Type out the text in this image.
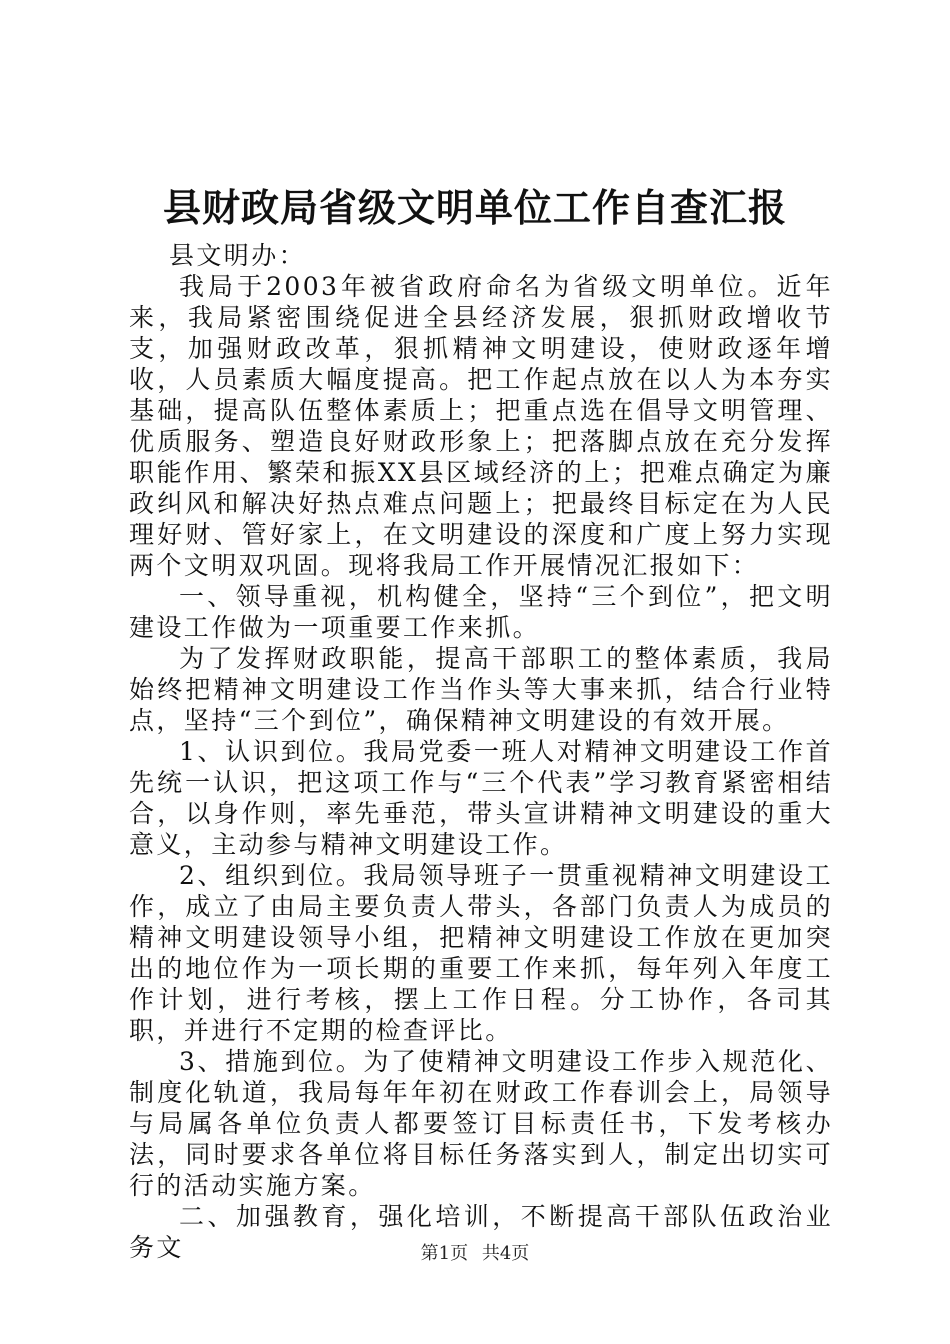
县财政局省级文明单位工作自查汇报

县文明办：

我局于2003年被省政府命名为省级文明单位。近年来，我局紧密围绕促进全县经济发展，狠抓财政增收节支，加强财政改革，狠抓精神文明建设，使财政逐年增收，人员素质大幅度提高。把工作起点放在以人为本夯实基础，提高队伍整体素质上；把重点选在倡导文明管理、优质服务、塑造良好财政形象上；把落脚点放在充分发挥职能作用、繁荣和振XX县区域经济的上；把难点确定为廉政纠风和解决好热点难点问题上；把最终目标定在为人民理好财、管好家上，在文明建设的深度和广度上努力实现两个文明双巩固。现将我局工作开展情况汇报如下：

一、领导重视，机构健全，坚持“三个到位”，把文明建设工作做为一项重要工作来抓。

为了发挥财政职能，提高干部职工的整体素质，我局始终把精神文明建设工作当作头等大事来抓，结合行业特点，坚持“三个到位”，确保精神文明建设的有效开展。

1、认识到位。我局党委一班人对精神文明建设工作首先统一认识，把这项工作与“三个代表”学习教育紧密相结合，以身作则，率先垂范，带头宣讲精神文明建设的重大意义，主动参与精神文明建设工作。

2、组织到位。我局领导班子一贯重视精神文明建设工作，成立了由局主要负责人带头，各部门负责人为成员的精神文明建设领导小组，把精神文明建设工作放在更加突出的地位作为一项长期的重要工作来抓，每年列入年度工作计划，进行考核，摆上工作日程。分工协作，各司其职，并进行不定期的检查评比。

3、措施到位。为了使精神文明建设工作步入规范化、制度化轨道，我局每年年初在财政工作春训会上，局领导与局属各单位负责人都要签订目标责任书，下发考核办法，同时要求各单位将目标任务落实到人，制定出切实可行的活动实施方案。

二、加强教育，强化培训，不断提高干部队伍政治业务文	第1页 共4页
